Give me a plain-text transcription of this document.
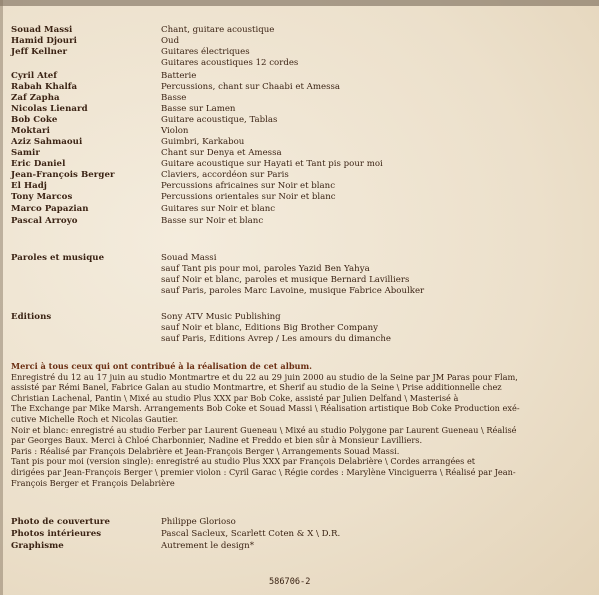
Souad Massi	Chant, guitare acoustique
Hamid Djouri	Oud
Jeff Kellner	Guitares électriques
Guitares acoustiques 12 cordes
Cyril Atef	Batterie
Rabah Khalfa	Percussions, chant sur Chaabi et Amessa
Zaf Zapha	Basse
Nicolas Lienard	Basse sur Lamen
Bob Coke	Guitare acoustique, Tablas
Moktari	Violon
Aziz Sahmaoui	Guimbri, Karkabou
Samir	Chant sur Denya et Amessa
Eric Daniel	Guitare acoustique sur Hayati et Tant pis pour moi
Jean-François Berger	Claviers, accordéon sur Paris
El Hadj	Percussions africaines sur Noir et blanc
Tony Marcos	Percussions orientales sur Noir et blanc
Marco Papazian	Guitares sur Noir et blanc
Pascal Arroyo	Basse sur Noir et blanc
Paroles et musique	Souad Massi
sauf Tant pis pour moi, paroles Yazid Ben Yahya
sauf Noir et blanc, paroles et musique Bernard Lavilliers
sauf Paris, paroles Marc Lavoine, musique Fabrice Aboulker
Editions	Sony ATV Music Publishing
sauf Noir et blanc, Editions Big Brother Company
sauf Paris, Editions Avrep / Les amours du dimanche

Merci à tous ceux qui ont contribué à la réalisation de cet album.

Enregistré du 12 au 17 juin au studio Montmartre et du 22 au 29 juin 2000 au studio de la Seine par JM Paras pour Flam,

assisté par Rémi Banel, Fabrice Galan au studio Montmartre, et Sherif au studio de la Seine \ Prise additionnelle chez

Christian Lachenal, Pantin \ Mixé au studio Plus XXX par Bob Coke, assisté par Julien Delfand \ Masterisé à

The Exchange par Mike Marsh. Arrangements Bob Coke et Souad Massi \ Réalisation artistique Bob Coke Production exé-

cutive Michelle Roch et Nicolas Gautier.

Noir et blanc: enregistré au studio Ferber par Laurent Gueneau \ Mixé au studio Polygone par Laurent Gueneau \ Réalisé

par Georges Baux. Merci à Chloé Charbonnier, Nadine et Freddo et bien sûr à Monsieur Lavilliers.

Paris : Réalisé par François Delabrière et Jean-François Berger \ Arrangements Souad Massi.

Tant pis pour moi (version single): enregistré au studio Plus XXX par François Delabrière \ Cordes arrangées et

dirigées par Jean-François Berger \ premier violon : Cyril Garac \ Régie cordes : Marylène Vinciguerra \ Réalisé par Jean-

François Berger et François Delabrière

Photo de couverture	Philippe Glorioso
Photos intérieures	Pascal Sacleux, Scarlett Coten & X \ D.R.
Graphisme	Autrement le design*
586706-2
